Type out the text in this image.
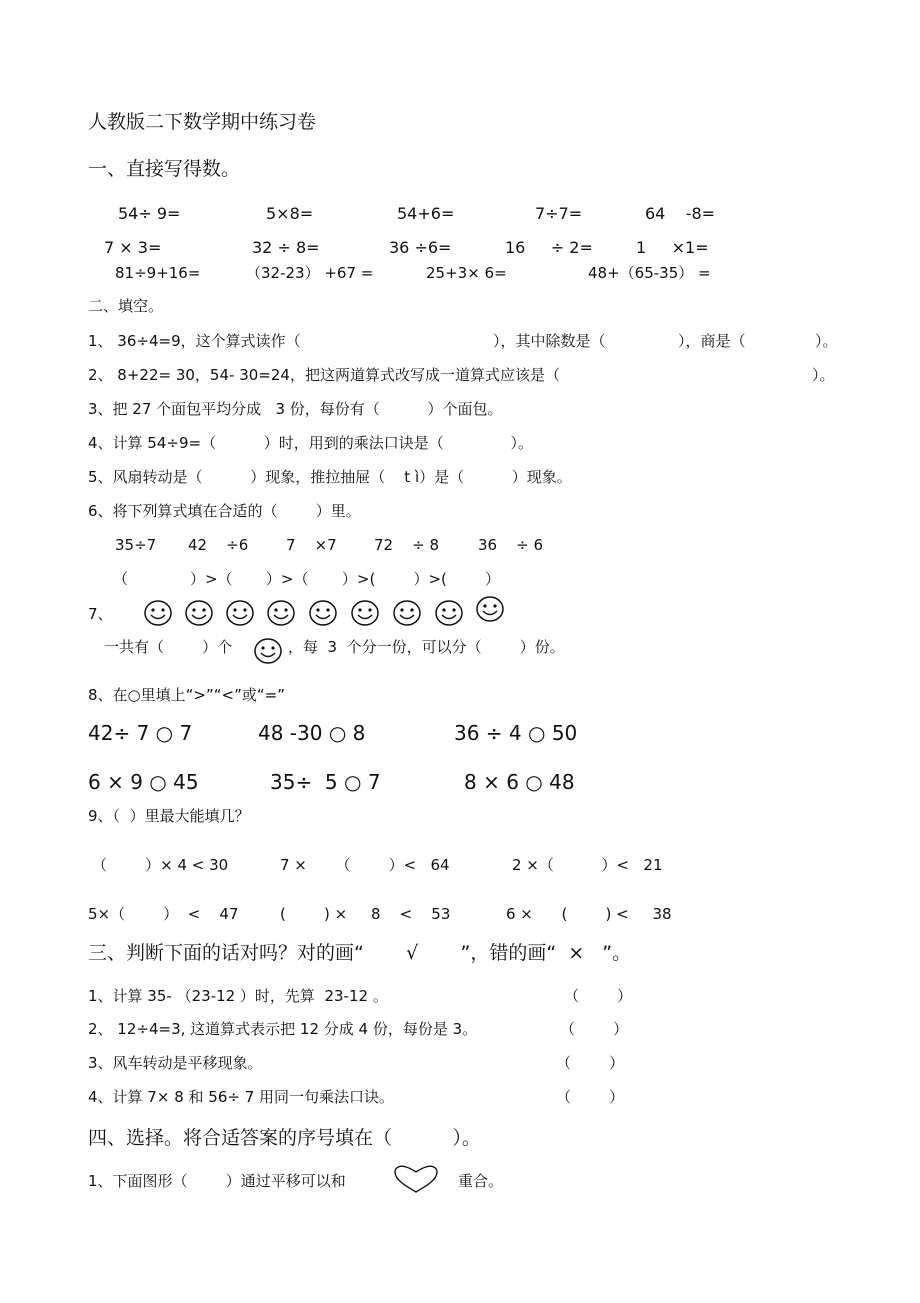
人教版二下数学期中练习卷
一、直接写得数。
54÷ 9=	5×8=	54+6=	7÷7=	64    -8=
7 × 3=	32 ÷ 8=	36 ÷6=	16     ÷ 2=	1     ×1=
81÷9+16=	（32-23） +67 =	25+3× 6=	48+（65-35） =
二、填空。
1、 36÷4=9，这个算式读作（	），其中除数是（	），商是（	）。
2、 8+22= 30，54- 30=24，把这两道算式改写成一道算式应该是（	）。
3、把 27 个面包平均分成   3 份，每份有（          ）个面包。
4、计算 54÷9=（          ）时，用到的乘法口诀是（              ）。
5、风扇转动是（          ）现象，推拉抽屉（    t ì）是（          ）现象。
6、将下列算式填在合适的（        ）里。
35÷7 42    ÷6	7    ×7 72    ÷ 8	36    ÷ 6
（             ）>（       ）>（       ）>(        ）>(        ）
7、
一共有（        ）个	，每  3  个分一份，可以分（        ）份。
8、在○里填上“>”“<”或“=”
42÷ 7 ○ 7	48 -30 ○ 8	36 ÷ 4 ○ 50
6 × 9 ○ 45	35÷  5 ○ 7	8 × 6 ○ 48
9、（  ）里最大能填几？
（        ）× 4 < 30	7 ×      （        ）<   64	2 ×（          ）<   21
5×（        ）  <    47	(        ) ×     8    <    53	6 ×      (        ) <     38
三、判断下面的话对吗？对的画“       √       ”，错的画“  ×   ”。
1、计算 35- （23-12 ）时，先算  23-12 。	（        ）
2、 12÷4=3, 这道算式表示把 12 分成 4 份，每份是 3。	（        ）
3、风车转动是平移现象。	（        ）
4、计算 7× 8 和 56÷ 7 用同一句乘法口诀。	（        ）
四、选择。将合适答案的序号填在（          ）。
1、下面图形（        ）通过平移可以和	重合。
